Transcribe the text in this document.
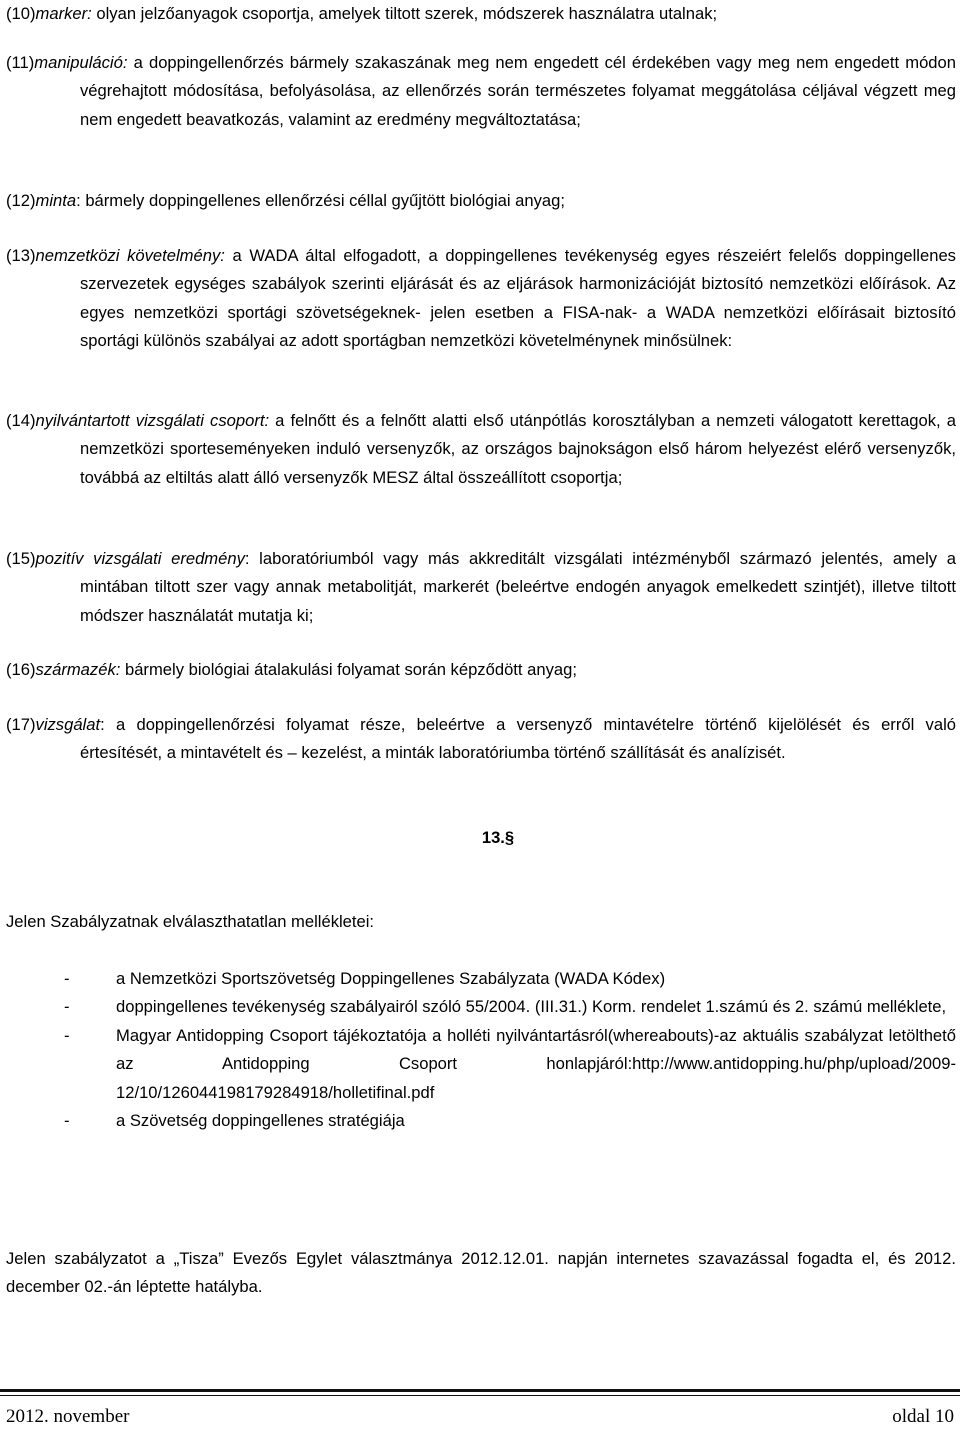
(10)marker: olyan jelzőanyagok csoportja, amelyek tiltott szerek, módszerek használatra utalnak;
(11)manipuláció: a doppingellenőrzés bármely szakaszának meg nem engedett cél érdekében vagy meg nem engedett módon végrehajtott módosítása, befolyásolása, az ellenőrzés során természetes folyamat meggátolása céljával végzett meg nem engedett beavatkozás, valamint az eredmény megváltoztatása;
(12)minta: bármely doppingellenes ellenőrzési céllal gyűjtött biológiai anyag;
(13)nemzetközi követelmény: a WADA által elfogadott, a doppingellenes tevékenység egyes részeiért felelős doppingellenes szervezetek egységes szabályok szerinti eljárását és az eljárások harmonizációját biztosító nemzetközi előírások. Az egyes nemzetközi sportági szövetségeknek- jelen esetben a FISA-nak- a WADA nemzetközi előírásait biztosító sportági különös szabályai az adott sportágban nemzetközi követelménynek minősülnek:
(14)nyilvántartott vizsgálati csoport: a felnőtt és a felnőtt alatti első utánpótlás korosztályban a nemzeti válogatott kerettagok, a nemzetközi sporteseményeken induló versenyzők, az országos bajnokságon első három helyezést elérő versenyzők, továbbá az eltiltás alatt álló versenyzők MESZ által összeállított csoportja;
(15)pozitív vizsgálati eredmény: laboratóriumból vagy más akkreditált vizsgálati intézményből származó jelentés, amely a mintában tiltott szer vagy annak metabolitját, markerét (beleértve endogén anyagok emelkedett szintjét), illetve tiltott módszer használatát mutatja ki;
(16)származék: bármely biológiai átalakulási folyamat során képződött anyag;
(17)vizsgálat: a doppingellenőrzési folyamat része, beleértve a versenyző mintavételre történő kijelölését és erről való értesítését, a mintavételt és – kezelést, a minták laboratóriumba történő szállítását és analízisét.
13.§
Jelen Szabályzatnak elválaszthatatlan mellékletei:
-	a Nemzetközi Sportszövetség Doppingellenes Szabályzata (WADA Kódex)
-	doppingellenes tevékenység szabályairól szóló 55/2004. (III.31.) Korm. rendelet 1.számú és 2. számú melléklete,
-	Magyar Antidopping Csoport tájékoztatója a holléti nyilvántartásról(whereabouts)-az aktuális szabályzat letölthető az Antidopping Csoport honlapjáról:http://www.antidopping.hu/php/upload/2009-12/10/126044198179284918/holletifinal.pdf
-	a Szövetség doppingellenes stratégiája
Jelen szabályzatot a „Tisza” Evezős Egylet választmánya 2012.12.01. napján internetes szavazással fogadta el, és 2012. december 02.-án léptette hatályba.
2012. november	oldal 10
